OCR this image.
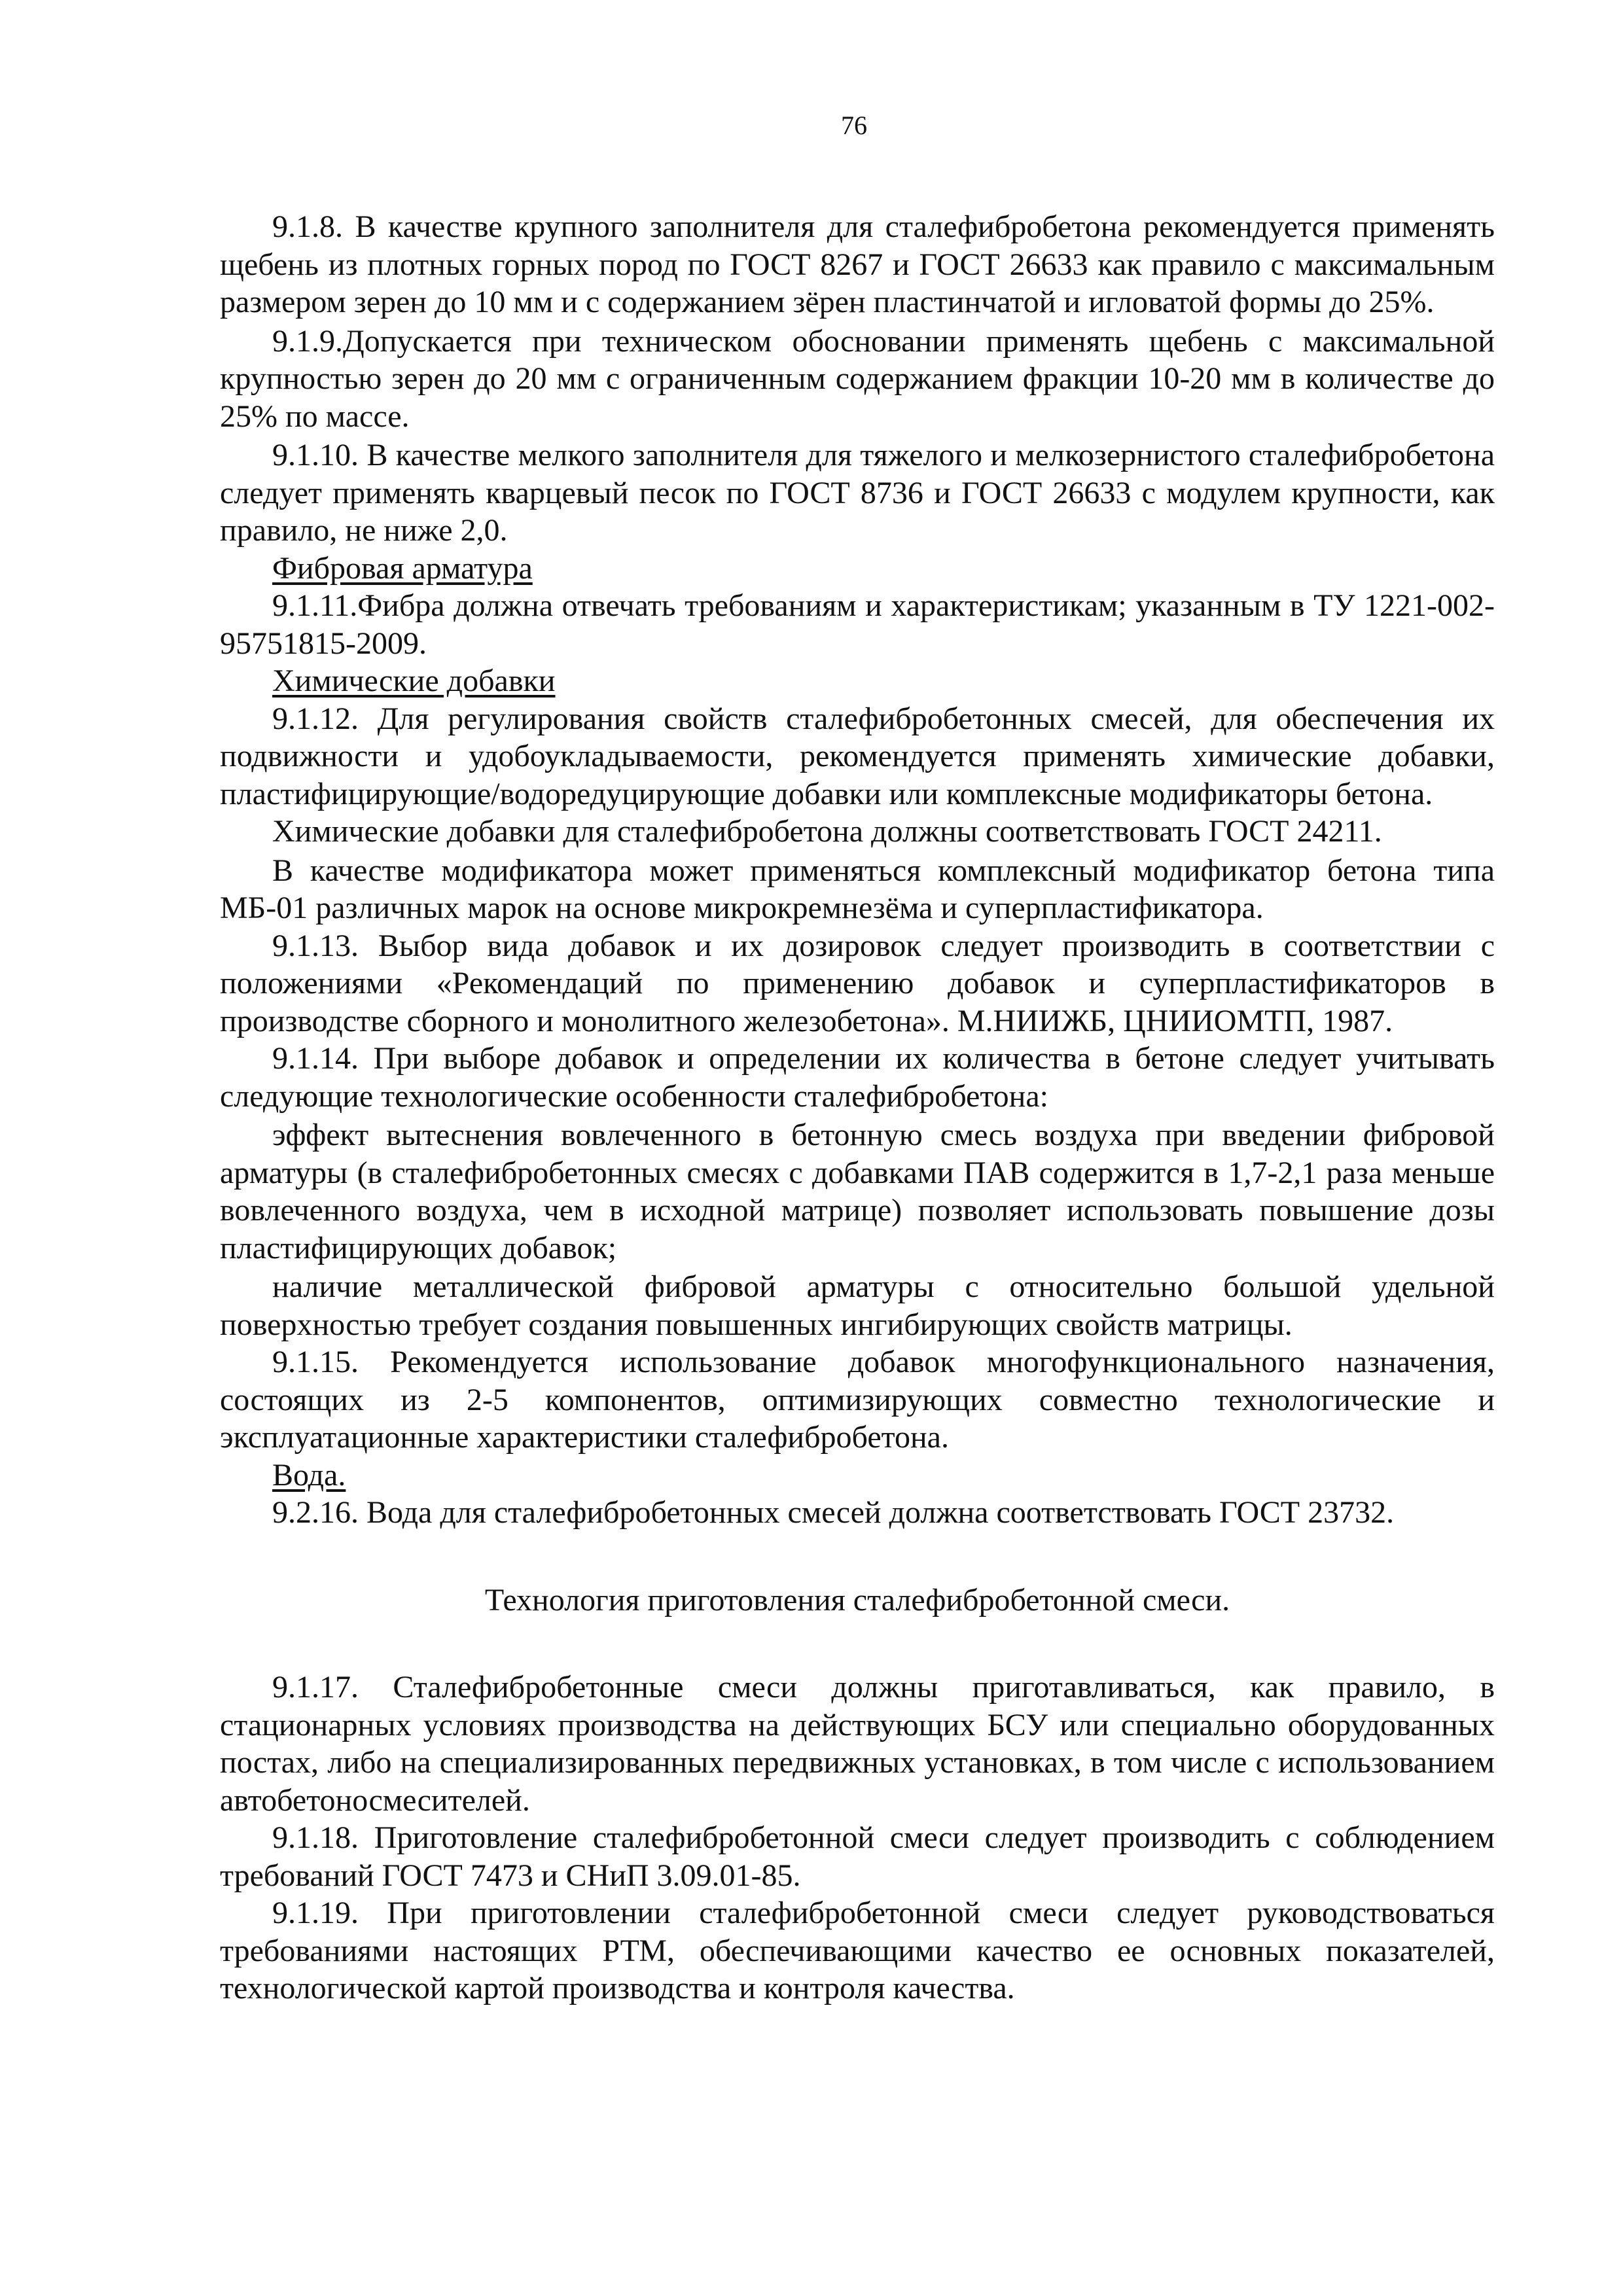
76

9.1.8. В качестве крупного заполнителя для сталефибробетона рекомендуется применять щебень из плотных горных пород по ГОСТ 8267 и ГОСТ 26633 как правило с максимальным размером зерен до 10 мм и с содержанием зёрен пластинчатой и игловатой формы до 25%.

9.1.9.Допускается при техническом обосновании применять щебень с максимальной крупностью зерен до 20 мм с ограниченным содержанием фракции 10-20 мм в количестве до 25% по массе.

9.1.10. В качестве мелкого заполнителя для тяжелого и мелкозернистого сталефибробетона следует применять кварцевый песок по ГОСТ 8736 и ГОСТ 26633 с модулем крупности, как правило, не ниже 2,0.

Фибровая арматура

9.1.11.Фибра должна отвечать требованиям и характеристикам; указанным в ТУ 1221-002-95751815-2009.

Химические добавки

9.1.12. Для регулирования свойств сталефибробетонных смесей, для обеспечения их подвижности и удобоукладываемости, рекомендуется применять химические добавки, пластифицирующие/водоредуцирующие добавки или комплексные модификаторы бетона.

Химические добавки для сталефибробетона должны соответствовать ГОСТ 24211.

В качестве модификатора может применяться комплексный модификатор бетона типа МБ-01 различных марок на основе микрокремнезёма и суперпластификатора.

9.1.13. Выбор вида добавок и их дозировок следует производить в соответствии с положениями «Рекомендаций по применению добавок и суперпластификаторов в производстве сборного и монолитного железобетона». М.НИИЖБ, ЦНИИОМТП, 1987.

9.1.14. При выборе добавок и определении их количества в бетоне следует учитывать следующие технологические особенности сталефибробетона:

эффект вытеснения вовлеченного в бетонную смесь воздуха при введении фибровой арматуры (в сталефибробетонных смесях с добавками ПАВ содержится в 1,7-2,1 раза меньше вовлеченного воздуха, чем в исходной матрице) позволяет использовать повышение дозы пластифицирующих добавок;

наличие металлической фибровой арматуры с относительно большой удельной поверхностью требует создания повышенных ингибирующих свойств матрицы.

9.1.15. Рекомендуется использование добавок многофункционального назначения, состоящих из 2-5 компонентов, оптимизирующих совместно технологические и эксплуатационные характеристики сталефибробетона.

Вода.

9.2.16. Вода для сталефибробетонных смесей должна соответствовать ГОСТ 23732.

Технология приготовления сталефибробетонной смеси.

9.1.17. Сталефибробетонные смеси должны приготавливаться, как правило, в стационарных условиях производства на действующих БСУ или специально оборудованных постах, либо на специализированных передвижных установках, в том числе с использованием автобетоносмесителей.

9.1.18. Приготовление сталефибробетонной смеси следует производить с соблюдением требований ГОСТ 7473 и СНиП 3.09.01-85.

9.1.19. При приготовлении сталефибробетонной смеси следует руководствоваться требованиями настоящих РТМ, обеспечивающими качество ее основных показателей, технологической картой производства и контроля качества.
